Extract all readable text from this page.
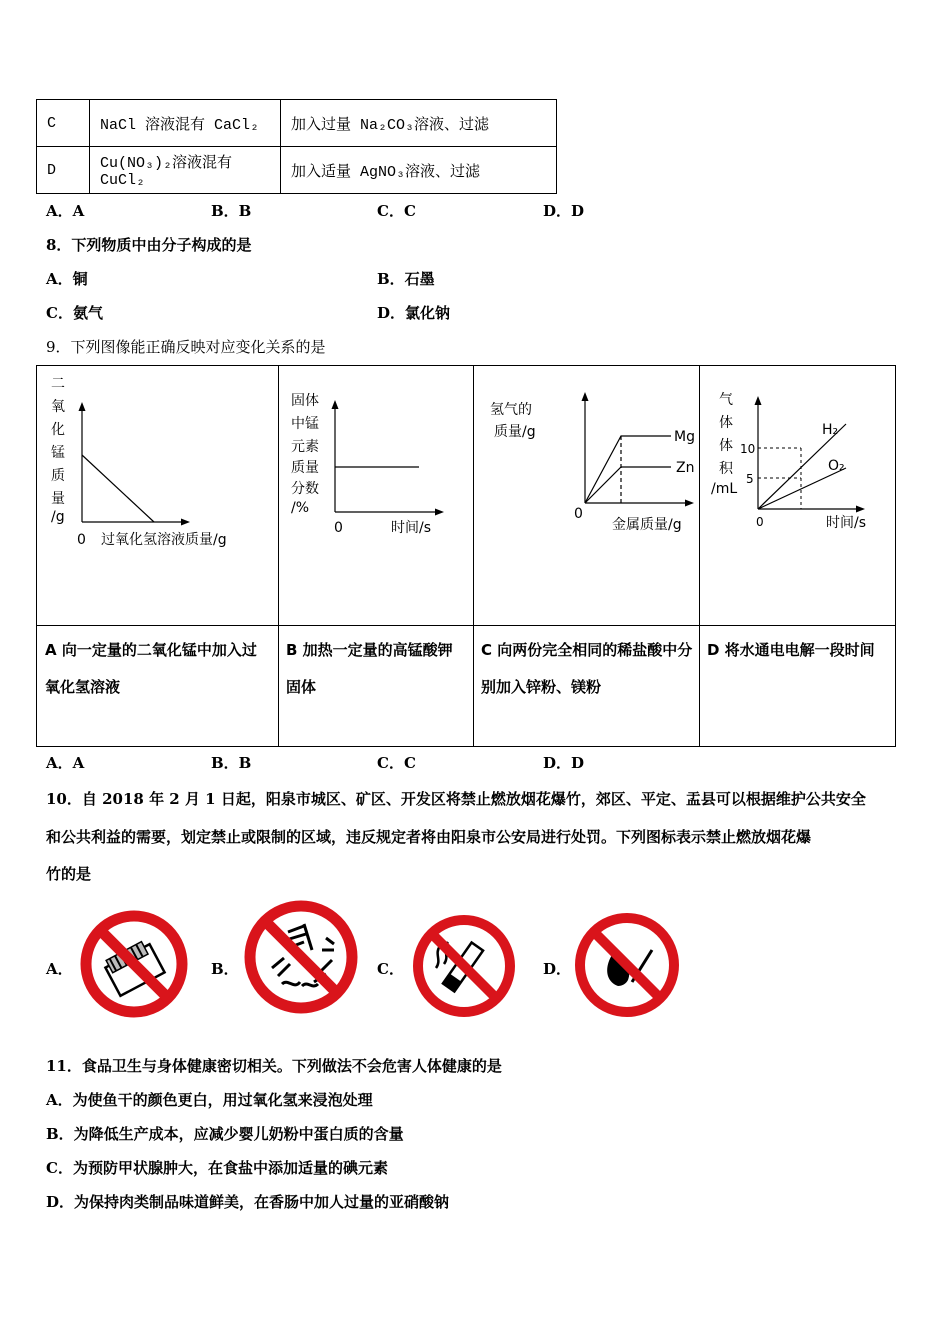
C	NaCl 溶液混有 CaCl₂	加入过量 Na₂CO₃溶液、过滤
D	Cu(NO₃)₂溶液混有 CuCl₂	加入适量 AgNO₃溶液、过滤
A．A	B．B	C．C	D．D
8．下列物质中由分子构成的是
A．铜	B．石墨
C．氨气	D．氯化钠
9．下列图像能正确反映对应变化关系的是
二
氧
化
锰
质
量
/g
0 过氧化氢溶液质量/g
固体
中锰
元素
质量
分数
/%
0	时间/s
氢气的
质量/g	Mg
Zn
0
金属质量/g
气
体
体
积
/mL
10
5
H₂
O₂
0	时间/s
A 向一定量的二氧化锰中加入过氧化氢溶液
B 加热一定量的高锰酸钾固体
C 向两份完全相同的稀盐酸中分别加入锌粉、镁粉
D 将水通电电解一段时间
A．A	B．B	C．C	D．D
10．自 2018 年 2 月 1 日起，阳泉市城区、矿区、开发区将禁止燃放烟花爆竹，郊区、平定、盂县可以根据维护公共安全
和公共利益的需要，划定禁止或限制的区域，违反规定者将由阳泉市公安局进行处罚。下列图标表示禁止燃放烟花爆
竹的是
A．	B．	C．	D．
11．食品卫生与身体健康密切相关。下列做法不会危害人体健康的是
A．为使鱼干的颜色更白，用过氧化氢来浸泡处理
B．为降低生产成本，应减少婴儿奶粉中蛋白质的含量
C．为预防甲状腺肿大，在食盐中添加适量的碘元素
D．为保持肉类制品味道鲜美，在香肠中加人过量的亚硝酸钠
